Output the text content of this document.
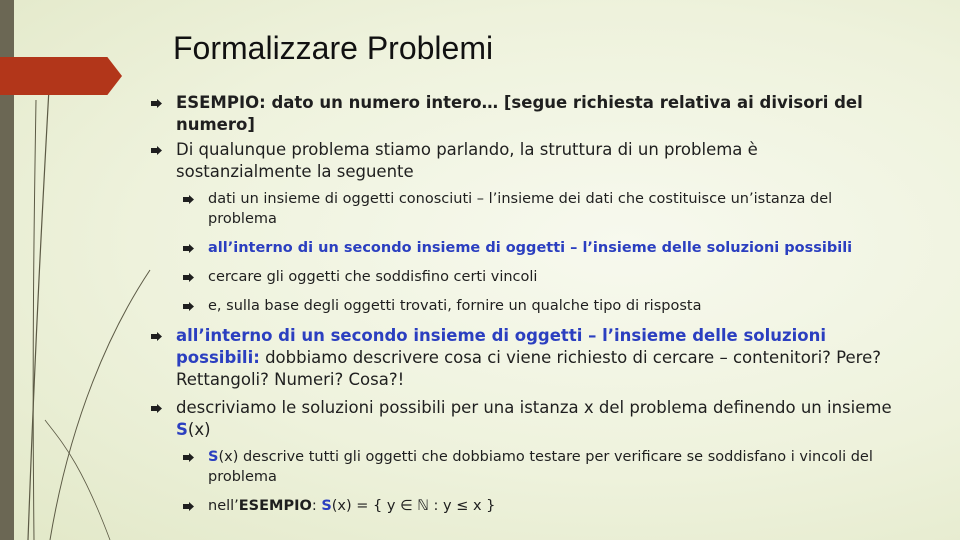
Formalizzare Problemi
ESEMPIO: dato un numero intero… [segue richiesta relativa ai divisori del numero]
Di qualunque problema stiamo parlando, la struttura di un problema è sostanzialmente la seguente
dati un insieme di oggetti conosciuti – l’insieme dei dati che costituisce un’istanza del problema
all’interno di un secondo insieme di oggetti – l’insieme delle soluzioni possibili
cercare gli oggetti che soddisfino certi vincoli
e, sulla base degli oggetti trovati, fornire un qualche tipo di risposta
all’interno di un secondo insieme di oggetti – l’insieme delle soluzioni possibili: dobbiamo descrivere cosa ci viene richiesto di cercare – contenitori? Pere? Rettangoli? Numeri? Cosa?!
descriviamo le soluzioni possibili per una istanza x del problema definendo un insieme S(x)
S(x) descrive tutti gli oggetti che dobbiamo testare per verificare se soddisfano i vincoli del problema
nell’ESEMPIO: S(x) = { y ∈ ℕ : y ≤ x }
